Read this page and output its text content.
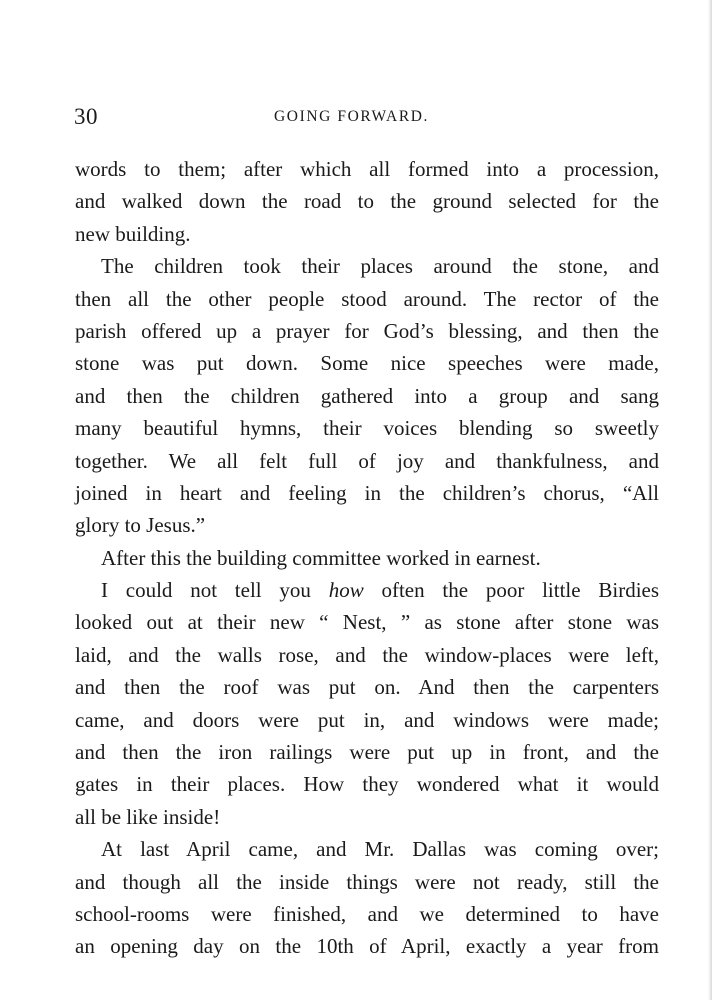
30	GOING FORWARD.

words to them; after which all formed into a procession,
and walked down the road to the ground selected for the
new building.

The children took their places around the stone, and
then all the other people stood around. The rector of the
parish offered up a prayer for God’s blessing, and then the
stone was put down. Some nice speeches were made,
and then the children gathered into a group and sang
many beautiful hymns, their voices blending so sweetly
together. We all felt full of joy and thankfulness, and
joined in heart and feeling in the children’s chorus, “All
glory to Jesus.”

After this the building committee worked in earnest.

I could not tell you how often the poor little Birdies
looked out at their new “ Nest, ” as stone after stone was
laid, and the walls rose, and the window-places were left,
and then the roof was put on. And then the carpenters
came, and doors were put in, and windows were made;
and then the iron railings were put up in front, and the
gates in their places. How they wondered what it would
all be like inside!

At last April came, and Mr. Dallas was coming over;
and though all the inside things were not ready, still the
school-rooms were finished, and we determined to have
an opening day on the 10th of April, exactly a year from
